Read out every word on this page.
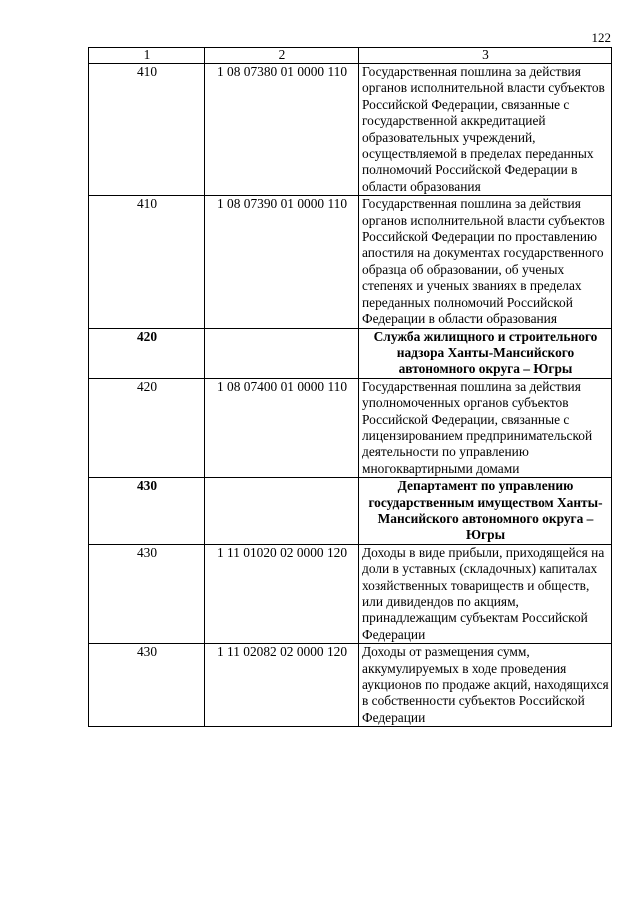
122
1	2	3
410	1 08 07380 01 0000 110	Государственная пошлина за действия органов исполнительной власти субъектов Российской Федерации, связанные с государственной аккредитацией образовательных учреждений, осуществляемой в пределах переданных полномочий Российской Федерации в области образования
410	1 08 07390 01 0000 110	Государственная пошлина за действия органов исполнительной власти субъектов Российской Федерации по проставлению апостиля на документах государственного образца об образовании, об ученых степенях и ученых званиях в пределах переданных полномочий Российской Федерации в области образования
420		Служба жилищного и строительного надзора Ханты-Мансийского автономного округа – Югры
420	1 08 07400 01 0000 110	Государственная пошлина за действия уполномоченных органов субъектов Российской Федерации, связанные с лицензированием предпринимательской деятельности по управлению многоквартирными домами
430		Департамент по управлению государственным имуществом Ханты-Мансийского автономного округа – Югры
430	1 11 01020 02 0000 120	Доходы в виде прибыли, приходящейся на доли в уставных (складочных) капиталах хозяйственных товариществ и обществ, или дивидендов по акциям, принадлежащим субъектам Российской Федерации
430	1 11 02082 02 0000 120	Доходы от размещения сумм, аккумулируемых в ходе проведения аукционов по продаже акций, находящихся в собственности субъектов Российской Федерации
